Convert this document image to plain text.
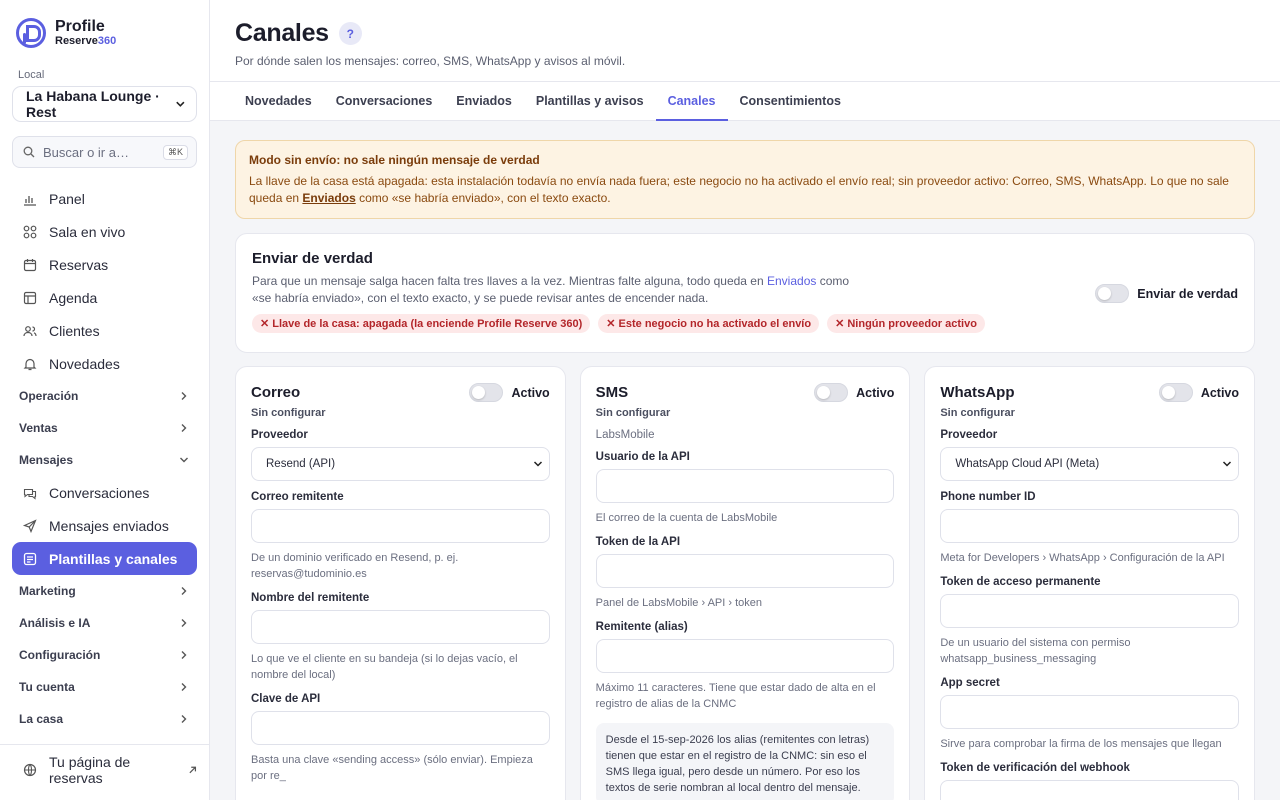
Profile
Reserve360
Local
La Habana Lounge · Rest
Buscar o ir a…	⌘K
Panel
Sala en vivo
Reservas
Agenda
Clientes
Novedades
Operación
Ventas
Mensajes
Conversaciones
Mensajes enviados
Plantillas y canales
Marketing
Análisis e IA
Configuración
Tu cuenta
La casa
Tu página de reservas
Canales	?

Por dónde salen los mensajes: correo, SMS, WhatsApp y avisos al móvil.

Novedades	Conversaciones	Enviados	Plantillas y avisos	Canales	Consentimientos
Modo sin envío: no sale ningún mensaje de verdad
La llave de la casa está apagada: esta instalación todavía no envía nada fuera; este negocio no ha activado el envío real; sin proveedor activo: Correo, SMS, WhatsApp. Lo que no sale queda en Enviados como «se habría enviado», con el texto exacto.
Enviar de verdad

Para que un mensaje salga hacen falta tres llaves a la vez. Mientras falte alguna, todo queda en Enviados como «se habría enviado», con el texto exacto, y se puede revisar antes de encender nada.

✕ Llave de la casa: apagada (la enciende Profile Reserve 360)	✕ Este negocio no ha activado el envío	✕ Ningún proveedor activo
Enviar de verdad
Correo	Activo
Sin configurar
Proveedor
Resend (API)
Correo remitente
De un dominio verificado en Resend, p. ej. reservas@tudominio.es
Nombre del remitente
Lo que ve el cliente en su bandeja (si lo dejas vacío, el nombre del local)
Clave de API
Basta una clave «sending access» (sólo enviar). Empieza por re_
SMS	Activo
Sin configurar
LabsMobile
Usuario de la API
El correo de la cuenta de LabsMobile
Token de la API
Panel de LabsMobile › API › token
Remitente (alias)
Máximo 11 caracteres. Tiene que estar dado de alta en el registro de alias de la CNMC
Desde el 15-sep-2026 los alias (remitentes con letras) tienen que estar en el registro de la CNMC: sin eso el SMS llega igual, pero desde un número. Por eso los textos de serie nombran al local dentro del mensaje.
WhatsApp	Activo
Sin configurar
Proveedor
WhatsApp Cloud API (Meta)
Phone number ID
Meta for Developers › WhatsApp › Configuración de la API
Token de acceso permanente
De un usuario del sistema con permiso whatsapp_business_messaging
App secret
Sirve para comprobar la firma de los mensajes que llegan
Token de verificación del webhook
